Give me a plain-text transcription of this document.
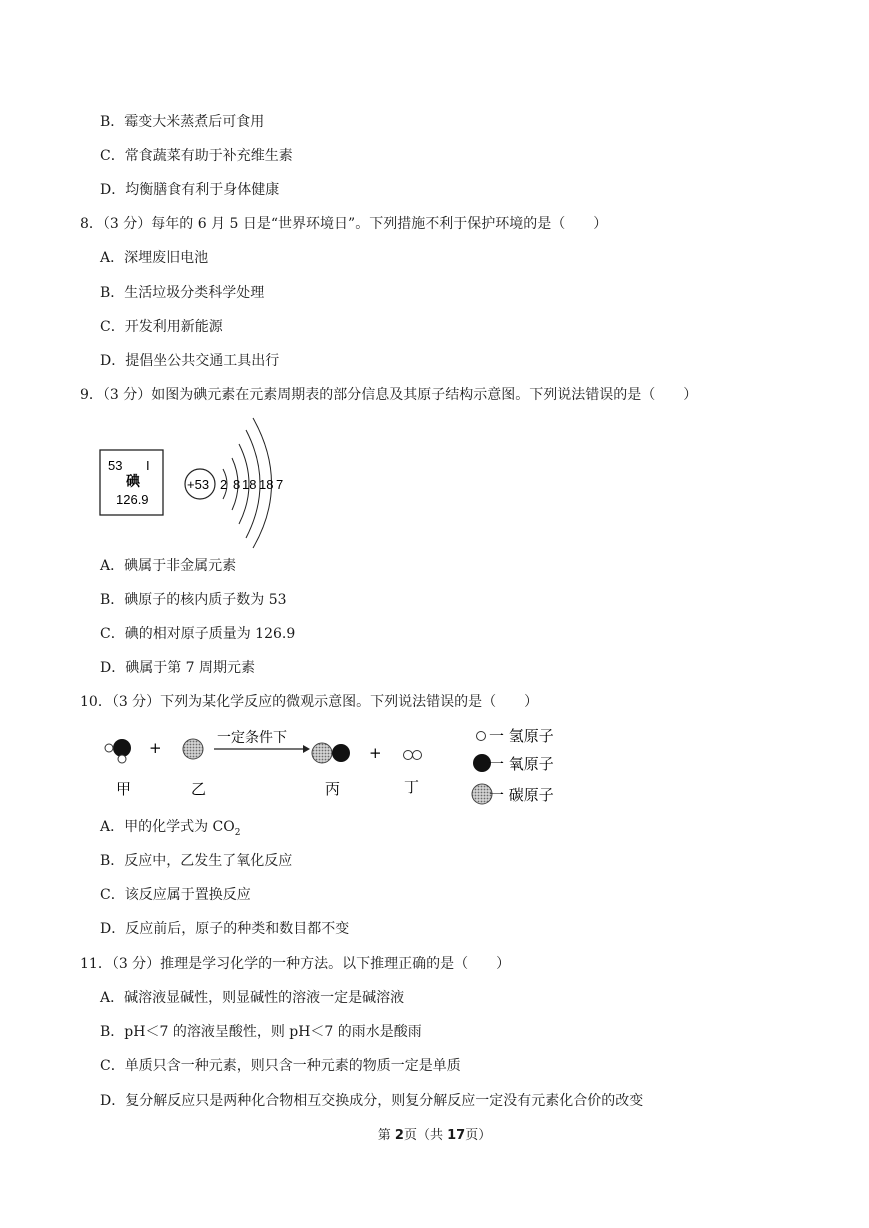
B．霉变大米蒸煮后可食用
C．常食蔬菜有助于补充维生素
D．均衡膳食有利于身体健康
8．（3 分）每年的 6 月 5 日是“世界环境日”。下列措施不利于保护环境的是（　　）
A．深埋废旧电池
B．生活垃圾分类科学处理
C．开发利用新能源
D．提倡坐公共交通工具出行
9．（3 分）如图为碘元素在元素周期表的部分信息及其原子结构示意图。下列说法错误的是（　　）
53 I
碘
126.9
+53 2 8 18 18 7
A．碘属于非金属元素
B．碘原子的核内质子数为 53
C．碘的相对原子质量为 126.9
D．碘属于第 7 周期元素
10．（3 分）下列为某化学反应的微观示意图。下列说法错误的是（　　）
+
一定条件下
+
甲	乙	丙	丁
一 氢原子
一 氧原子
一 碳原子
A．甲的化学式为 $CO_2$
B．反应中，乙发生了氧化反应
C．该反应属于置换反应
D．反应前后，原子的种类和数目都不变
11．（3 分）推理是学习化学的一种方法。以下推理正确的是（　　）
A．碱溶液显碱性，则显碱性的溶液一定是碱溶液
B．pH＜7 的溶液呈酸性，则 pH＜7 的雨水是酸雨
C．单质只含一种元素，则只含一种元素的物质一定是单质
D．复分解反应只是两种化合物相互交换成分，则复分解反应一定没有元素化合价的改变
第 2页（共 17页）
